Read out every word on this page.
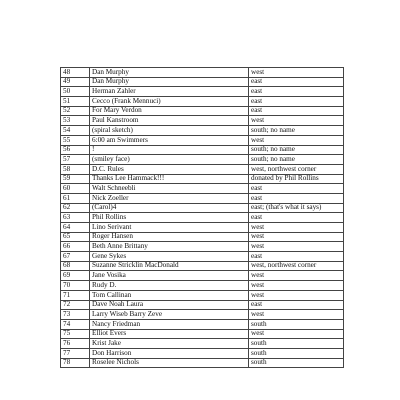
48	Dan Murphy	west
49	Dan Murphy	east
50	Herman Zahler	east
51	Cecco (Frank Mennuci)	east
52	For Mary Verdon	east
53	Paul Kanstroom	west
54	(spiral sketch)	south; no name
55	6:00 am Swimmers	west
56	!	south; no name
57	(smiley face)	south; no name
58	D.C. Rules	west, northwest corner
59	Thanks Lee Hammack!!!	donated by Phil Rollins
60	Walt Schneebli	east
61	Nick Zoeller	east
62	(Carol)4	east; (that's what it says)
63	Phil Rollins	east
64	Lino Serivant	west
65	Roger Hansen	west
66	Beth Anne Brittany	west
67	Gene Sykes	east
68	Suzanne Stricklin MacDonald	west, northwest corner
69	Jane Vosika	west
70	Rudy D.	west
71	Tom Callinan	west
72	Dave Noah Laura	east
73	Larry Wiseb Barry Zeve	west
74	Nancy Friedman	south
75	Elliot Evers	west
76	Krist Jake	south
77	Don Harrison	south
78	Roselee Nichols	south
